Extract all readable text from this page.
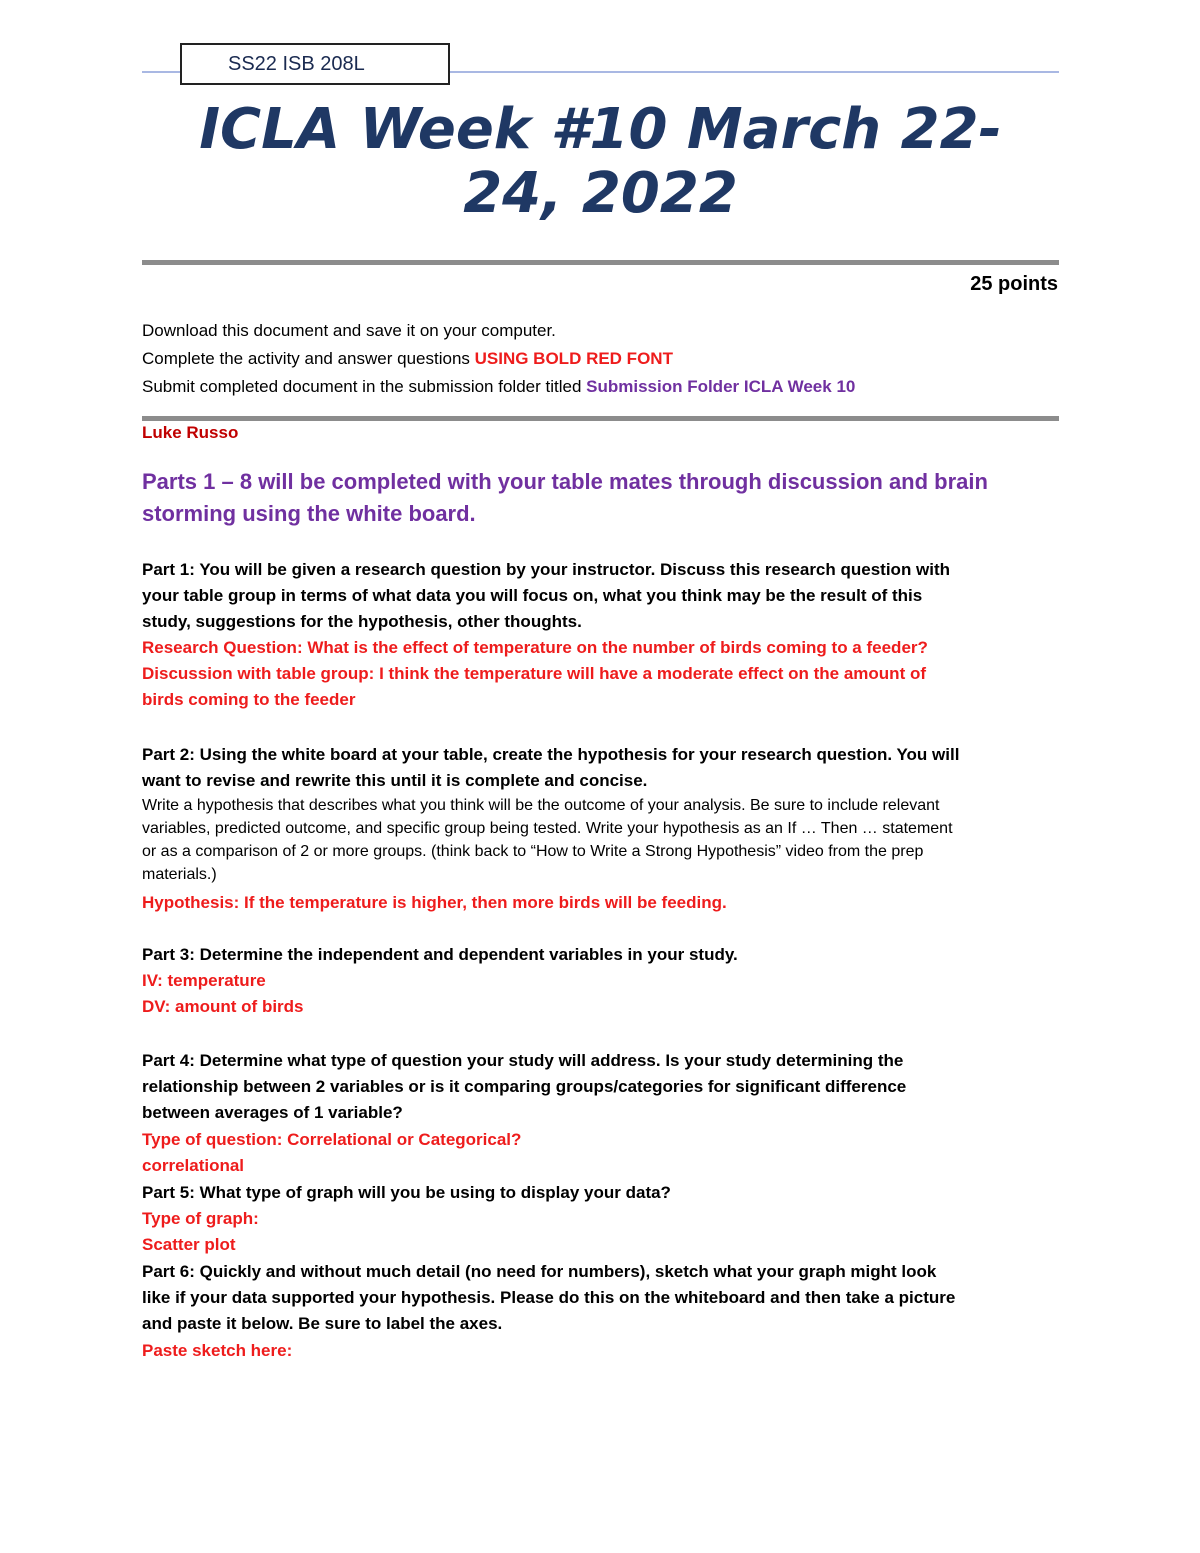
SS22 ISB 208L
ICLA Week #10 March 22-
24, 2022
25 points
Download this document and save it on your computer.
Complete the activity and answer questions USING BOLD RED FONT
Submit completed document in the submission folder titled Submission Folder ICLA Week 10
Luke Russo
Parts 1 – 8 will be completed with your table mates through discussion and brain
storming using the white board.
Part 1: You will be given a research question by your instructor. Discuss this research question with
your table group in terms of what data you will focus on, what you think may be the result of this
study, suggestions for the hypothesis, other thoughts.
Research Question: What is the effect of temperature on the number of birds coming to a feeder?
Discussion with table group: I think the temperature will have a moderate effect on the amount of
birds coming to the feeder
Part 2: Using the white board at your table, create the hypothesis for your research question. You will
want to revise and rewrite this until it is complete and concise.
Write a hypothesis that describes what you think will be the outcome of your analysis. Be sure to include relevant
variables, predicted outcome, and specific group being tested. Write your hypothesis as an If … Then … statement
or as a comparison of 2 or more groups. (think back to “How to Write a Strong Hypothesis” video from the prep
materials.)
Hypothesis: If the temperature is higher, then more birds will be feeding.
Part 3: Determine the independent and dependent variables in your study.
IV: temperature
DV: amount of birds
Part 4: Determine what type of question your study will address. Is your study determining the
relationship between 2 variables or is it comparing groups/categories for significant difference
between averages of 1 variable?
Type of question: Correlational or Categorical?
correlational
Part 5: What type of graph will you be using to display your data?
Type of graph:
Scatter plot
Part 6: Quickly and without much detail (no need for numbers), sketch what your graph might look
like if your data supported your hypothesis. Please do this on the whiteboard and then take a picture
and paste it below. Be sure to label the axes.
Paste sketch here:
